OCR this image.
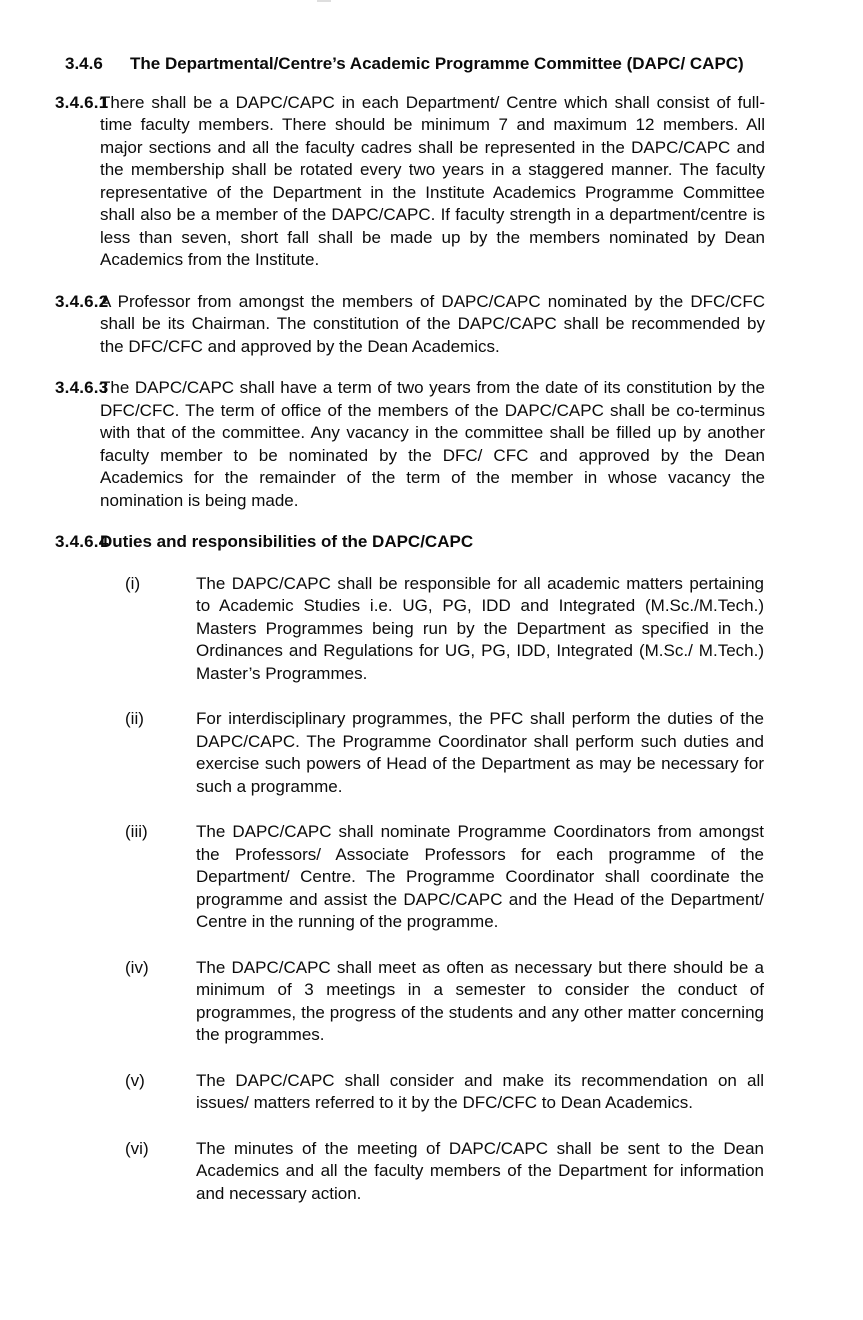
3.4.6 The Departmental/Centre’s Academic Programme Committee (DAPC/ CAPC)
3.4.6.1
There shall be a DAPC/CAPC in each Department/ Centre which shall consist of full-time faculty members. There should be minimum 7 and maximum 12 members. All major sections and all the faculty cadres shall be represented in the DAPC/CAPC and the membership shall be rotated every two years in a staggered manner. The faculty representative of the Department in the Institute Academics Programme Committee shall also be a member of the DAPC/CAPC. If faculty strength in a department/centre is less than seven, short fall shall be made up by the members nominated by Dean Academics from the Institute.
3.4.6.2
A Professor from amongst the members of DAPC/CAPC nominated by the DFC/CFC shall be its Chairman. The constitution of the DAPC/CAPC shall be recommended by the DFC/CFC and approved by the Dean Academics.
3.4.6.3
The DAPC/CAPC shall have a term of two years from the date of its constitution by the DFC/CFC. The term of office of the members of the DAPC/CAPC shall be co-terminus with that of the committee. Any vacancy in the committee shall be filled up by another faculty member to be nominated by the DFC/ CFC and approved by the Dean Academics for the remainder of the term of the member in whose vacancy the nomination is being made.
3.4.6.4
Duties and responsibilities of the DAPC/CAPC
(i)	The DAPC/CAPC shall be responsible for all academic matters pertaining to Academic Studies i.e. UG, PG, IDD and Integrated (M.Sc./M.Tech.) Masters Programmes being run by the Department as specified in the Ordinances and Regulations for UG, PG, IDD, Integrated (M.Sc./ M.Tech.) Master’s Programmes.
(ii)	For interdisciplinary programmes, the PFC shall perform the duties of the DAPC/CAPC. The Programme Coordinator shall perform such duties and exercise such powers of Head of the Department as may be necessary for such a programme.
(iii)	The DAPC/CAPC shall nominate Programme Coordinators from amongst the Professors/ Associate Professors for each programme of the Department/ Centre. The Programme Coordinator shall coordinate the programme and assist the DAPC/CAPC and the Head of the Department/ Centre in the running of the programme.
(iv)	The DAPC/CAPC shall meet as often as necessary but there should be a minimum of 3 meetings in a semester to consider the conduct of programmes, the progress of the students and any other matter concerning the programmes.
(v)	The DAPC/CAPC shall consider and make its recommendation on all issues/ matters referred to it by the DFC/CFC to Dean Academics.
(vi)	The minutes of the meeting of DAPC/CAPC shall be sent to the Dean Academics and all the faculty members of the Department for information and necessary action.
